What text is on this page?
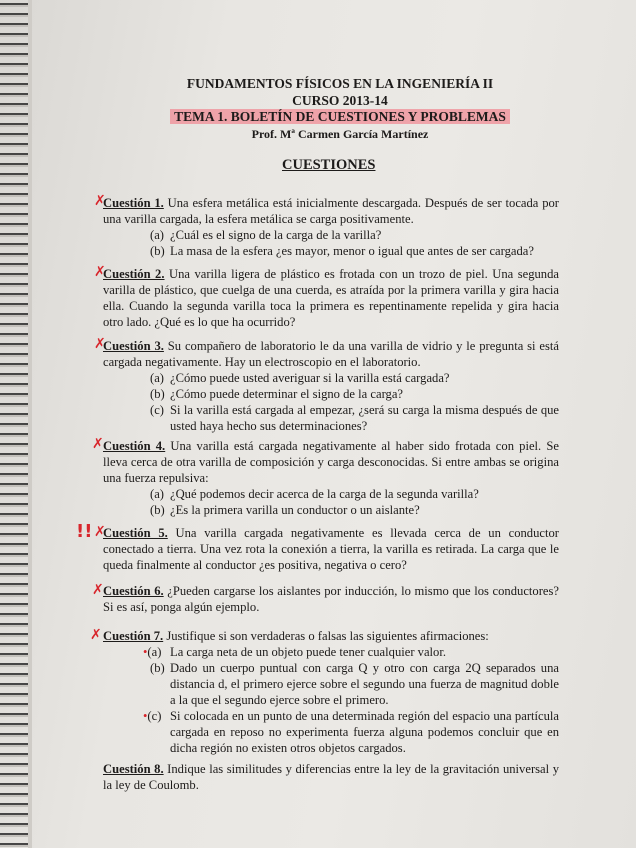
FUNDAMENTOS FÍSICOS EN LA INGENIERÍA II
CURSO 2013-14
TEMA 1. BOLETÍN DE CUESTIONES Y PROBLEMAS
Prof. Mª Carmen García Martínez
CUESTIONES
✗
✗
✗
✗
!! ✗
✗
✗
Cuestión 1. Una esfera metálica está inicialmente descargada. Después de ser tocada por una varilla cargada, la esfera metálica se carga positivamente.
(a) ¿Cuál es el signo de la carga de la varilla?
(b) La masa de la esfera ¿es mayor, menor o igual que antes de ser cargada?
Cuestión 2. Una varilla ligera de plástico es frotada con un trozo de piel. Una segunda varilla de plástico, que cuelga de una cuerda, es atraída por la primera varilla y gira hacia ella. Cuando la segunda varilla toca la primera es repentinamente repelida y gira hacia otro lado. ¿Qué es lo que ha ocurrido?
Cuestión 3. Su compañero de laboratorio le da una varilla de vidrio y le pregunta si está cargada negativamente. Hay un electroscopio en el laboratorio.
(a) ¿Cómo puede usted averiguar si la varilla está cargada?
(b) ¿Cómo puede determinar el signo de la carga?
(c) Si la varilla está cargada al empezar, ¿será su carga la misma después de que usted haya hecho sus determinaciones?
Cuestión 4. Una varilla está cargada negativamente al haber sido frotada con piel. Se lleva cerca de otra varilla de composición y carga desconocidas. Si entre ambas se origina una fuerza repulsiva:
(a) ¿Qué podemos decir acerca de la carga de la segunda varilla?
(b) ¿Es la primera varilla un conductor o un aislante?
Cuestión 5. Una varilla cargada negativamente es llevada cerca de un conductor conectado a tierra. Una vez rota la conexión a tierra, la varilla es retirada. La carga que le queda finalmente al conductor ¿es positiva, negativa o cero?
Cuestión 6. ¿Pueden cargarse los aislantes por inducción, lo mismo que los conductores? Si es así, ponga algún ejemplo.
Cuestión 7. Justifique si son verdaderas o falsas las siguientes afirmaciones:
•(a) La carga neta de un objeto puede tener cualquier valor.
(b) Dado un cuerpo puntual con carga Q y otro con carga 2Q separados una distancia d, el primero ejerce sobre el segundo una fuerza de magnitud doble a la que el segundo ejerce sobre el primero.
•(c) Si colocada en un punto de una determinada región del espacio una partícula cargada en reposo no experimenta fuerza alguna podemos concluir que en dicha región no existen otros objetos cargados.
Cuestión 8. Indique las similitudes y diferencias entre la ley de la gravitación universal y la ley de Coulomb.
